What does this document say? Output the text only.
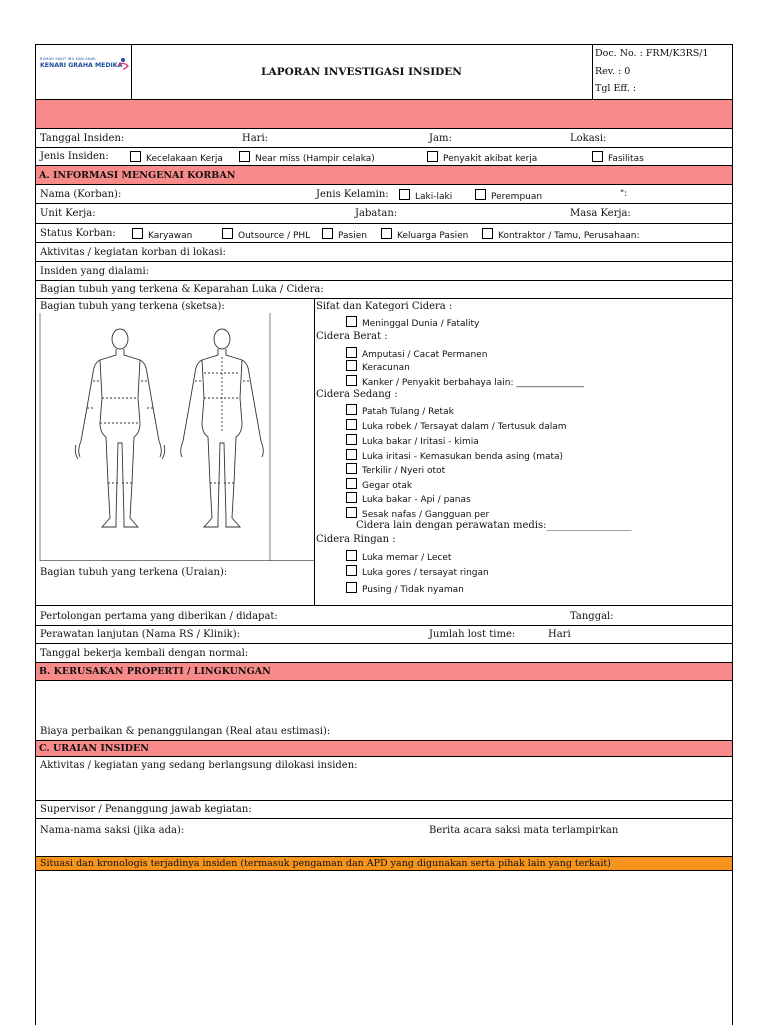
RUMAH SAKIT IBU DAN ANAK
KENARI GRAHA MEDIKA
LAPORAN INVESTIGASI INSIDEN
Doc. No. : FRM/K3RS/1
Rev. : 0
Tgl Eff. :
Tanggal Insiden:	Hari:	Jam:	Lokasi:
Jenis Insiden:	Kecelakaan Kerja	Near miss (Hampir celaka)	Penyakit akibat kerja	Fasilitas
A. INFORMASI MENGENAI KORBAN
Nama (Korban):	Jenis Kelamin:	Laki-laki	Perempuan	":
Unit Kerja:	Jabatan:	Masa Kerja:
Status Korban:	Karyawan	Outsource / PHL	Pasien	Keluarga Pasien	Kontraktor / Tamu, Perusahaan:
Aktivitas / kegiatan korban di lokasi:
Insiden yang dialami:
Bagian tubuh yang terkena & Keparahan Luka / Cidera:
Bagian tubuh yang terkena (sketsa):
Bagian tubuh yang terkena (Uraian):
Sifat dan Kategori Cidera :
Meninggal Dunia / Fatality
Cidera Berat :
Amputasi / Cacat Permanen
Keracunan
Kanker / Penyakit berbahaya lain: _______________
Cidera Sedang :
Patah Tulang / Retak
Luka robek / Tersayat dalam / Tertusuk dalam
Luka bakar / Iritasi - kimia
Luka iritasi - Kemasukan benda asing (mata)
Terkilir / Nyeri otot
Gegar otak
Luka bakar - Api / panas
Sesak nafas / Gangguan per
Cidera lain dengan perawatan medis:_________________
Cidera Ringan :
Luka memar / Lecet
Luka gores / tersayat ringan
Pusing / Tidak nyaman
Pertolongan pertama yang diberikan / didapat:	Tanggal:
Perawatan lanjutan (Nama RS / Klinik):	Jumlah lost time:	Hari
Tanggal bekerja kembali dengan normal:
B. KERUSAKAN PROPERTI / LINGKUNGAN
Biaya perbaikan & penanggulangan (Real atau estimasi):
C. URAIAN INSIDEN
Aktivitas / kegiatan yang sedang berlangsung dilokasi insiden:
Supervisor / Penanggung jawab kegiatan:
Nama-nama saksi (jika ada):	Berita acara saksi mata terlampirkan
Situasi dan kronologis terjadinya insiden (termasuk pengaman dan APD yang digunakan serta pihak lain yang terkait)
